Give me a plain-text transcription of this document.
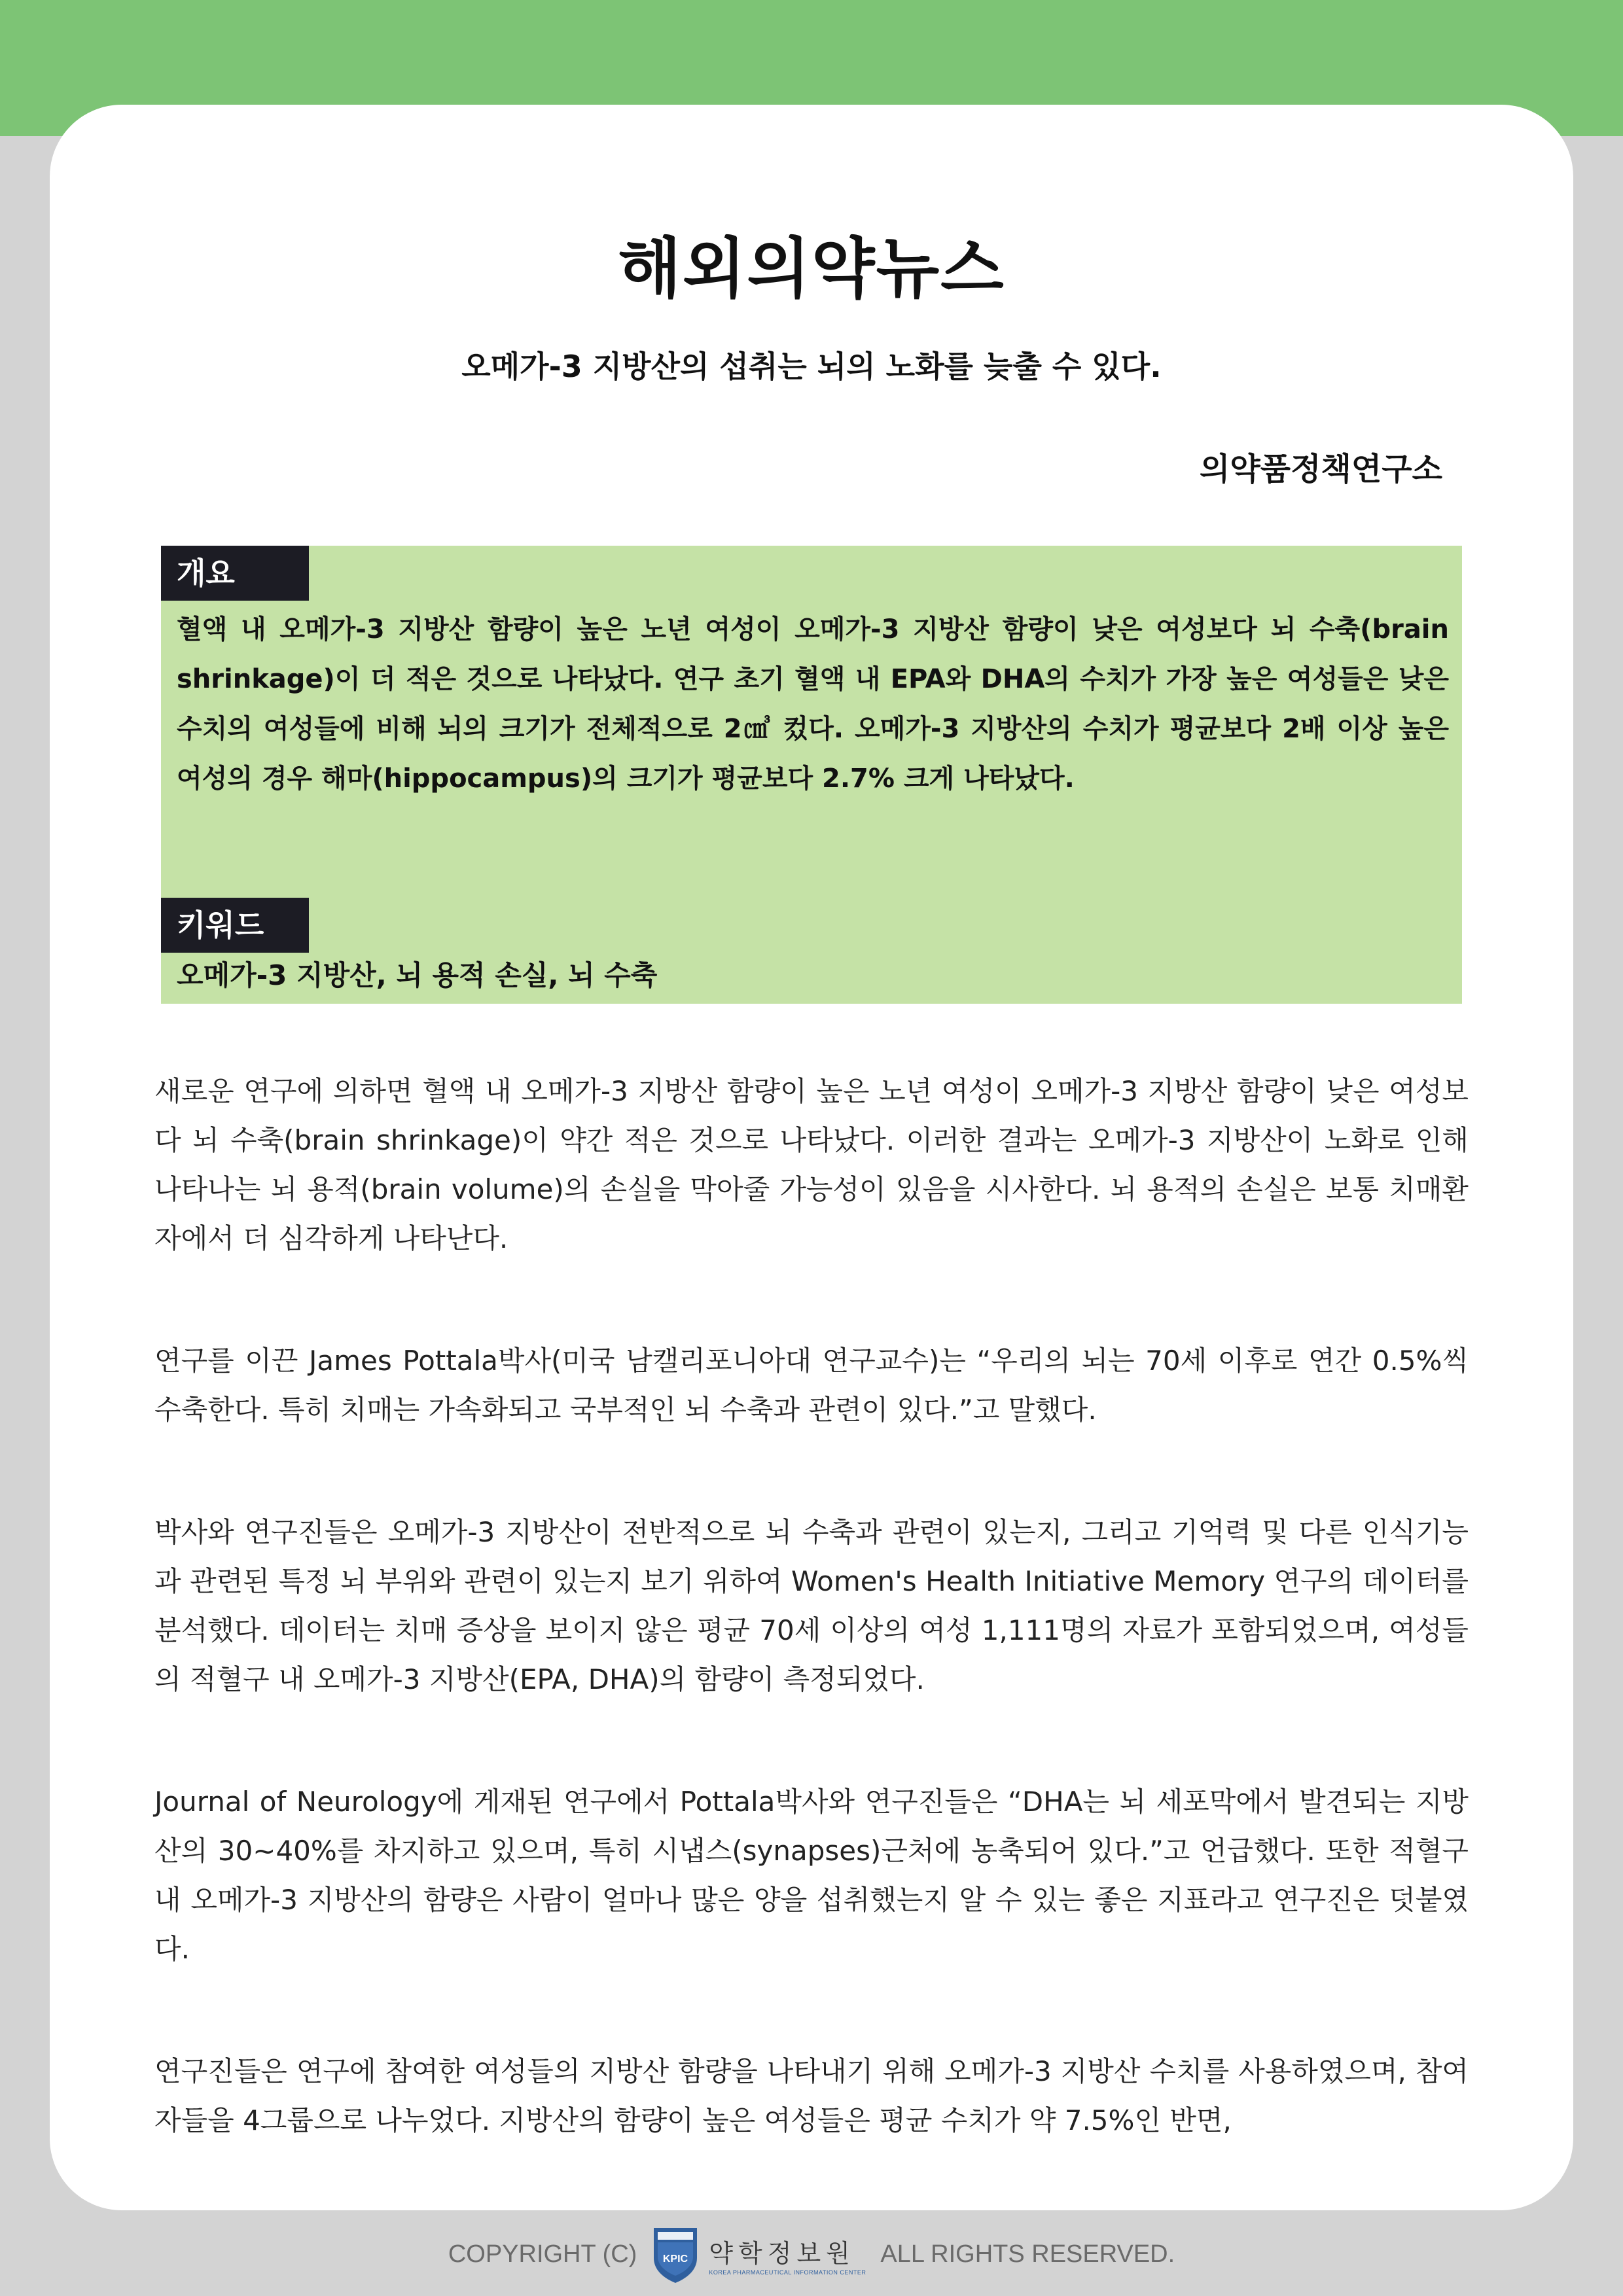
해외의약뉴스
오메가-3 지방산의 섭취는 뇌의 노화를 늦출 수 있다.
의약품정책연구소
개요

혈액 내 오메가-3 지방산 함량이 높은 노년 여성이 오메가-3 지방산 함량이 낮은 여성보다 뇌 수축(brain shrinkage)이 더 적은 것으로 나타났다. 연구 초기 혈액 내 EPA와 DHA의 수치가 가장 높은 여성들은 낮은 수치의 여성들에 비해 뇌의 크기가 전체적으로 2㎤ 컸다. 오메가-3 지방산의 수치가 평균보다 2배 이상 높은 여성의 경우 해마(hippocampus)의 크기가 평균보다 2.7% 크게 나타났다.

키워드
오메가-3 지방산, 뇌 용적 손실, 뇌 수축

새로운 연구에 의하면 혈액 내 오메가-3 지방산 함량이 높은 노년 여성이 오메가-3 지방산 함량이 낮은 여성보다 뇌 수축(brain shrinkage)이 약간 적은 것으로 나타났다. 이러한 결과는 오메가-3 지방산이 노화로 인해 나타나는 뇌 용적(brain volume)의 손실을 막아줄 가능성이 있음을 시사한다. 뇌 용적의 손실은 보통 치매환자에서 더 심각하게 나타난다.

연구를 이끈 James Pottala박사(미국 남캘리포니아대 연구교수)는 “우리의 뇌는 70세 이후로 연간 0.5%씩 수축한다. 특히 치매는 가속화되고 국부적인 뇌 수축과 관련이 있다.”고 말했다.

박사와 연구진들은 오메가-3 지방산이 전반적으로 뇌 수축과 관련이 있는지, 그리고 기억력 및 다른 인식기능과 관련된 특정 뇌 부위와 관련이 있는지 보기 위하여 Women's Health Initiative Memory 연구의 데이터를 분석했다. 데이터는 치매 증상을 보이지 않은 평균 70세 이상의 여성 1,111명의 자료가 포함되었으며, 여성들의 적혈구 내 오메가-3 지방산(EPA, DHA)의 함량이 측정되었다.

Journal of Neurology에 게재된 연구에서 Pottala박사와 연구진들은 “DHA는 뇌 세포막에서 발견되는 지방산의 30~40%를 차지하고 있으며, 특히 시냅스(synapses)근처에 농축되어 있다.”고 언급했다. 또한 적혈구 내 오메가-3 지방산의 함량은 사람이 얼마나 많은 양을 섭취했는지 알 수 있는 좋은 지표라고 연구진은 덧붙였다.

연구진들은 연구에 참여한 여성들의 지방산 함량을 나타내기 위해 오메가-3 지방산 수치를 사용하였으며, 참여자들을 4그룹으로 나누었다. 지방산의 함량이 높은 여성들은 평균 수치가 약 7.5%인 반면,

COPYRIGHT (C) KPIC 약학정보원
KOREA PHARMACEUTICAL INFORMATION CENTER
ALL RIGHTS RESERVED.
